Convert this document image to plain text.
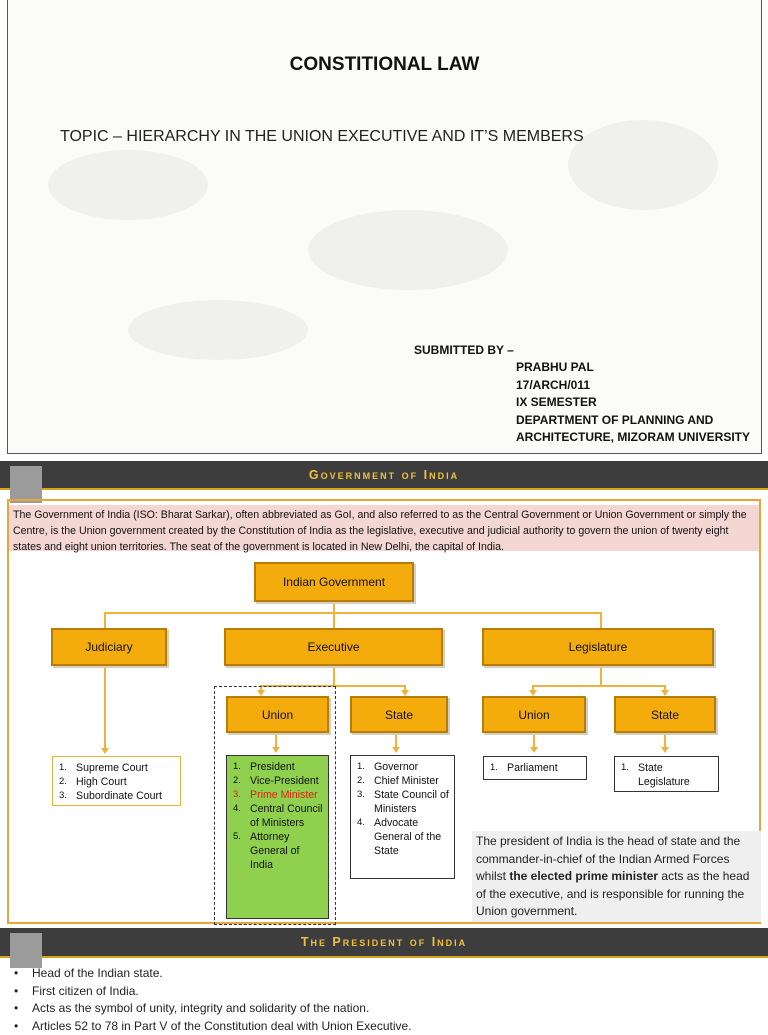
CONSTITIONAL LAW
TOPIC – HIERARCHY IN THE UNION EXECUTIVE AND IT’S MEMBERS
SUBMITTED BY –
PRABHU PAL
17/ARCH/011
IX SEMESTER
DEPARTMENT OF PLANNING AND
ARCHITECTURE, MIZORAM UNIVERSITY
Government of India
The Government of India (ISO: Bharat Sarkar), often abbreviated as GoI, and also referred to as the Central Government or Union Government or simply the Centre, is the Union government created by the Constitution of India as the legislative, executive and judicial authority to govern the union of twenty eight states and eight union territories. The seat of the government is located in New Delhi, the capital of India.
Indian Government
Judiciary	Executive	Legislature
Union	State	Union	State
1. Supreme Court
2. High Court
3. Subordinate Court
1. President
2. Vice-President
3. Prime Minister
4. Central Council of Ministers
5. Attorney General of India
1. Governor
2. Chief Minister
3. State Council of Ministers
4. Advocate General of the State
1. Parliament	1. State Legislature
The president of India is the head of state and the commander-in-chief of the Indian Armed Forces whilst the elected prime minister acts as the head of the executive, and is responsible for running the Union government.
The President of India
• Head of the Indian state.
• First citizen of India.
• Acts as the symbol of unity, integrity and solidarity of the nation.
• Articles 52 to 78 in Part V of the Constitution deal with Union Executive.
